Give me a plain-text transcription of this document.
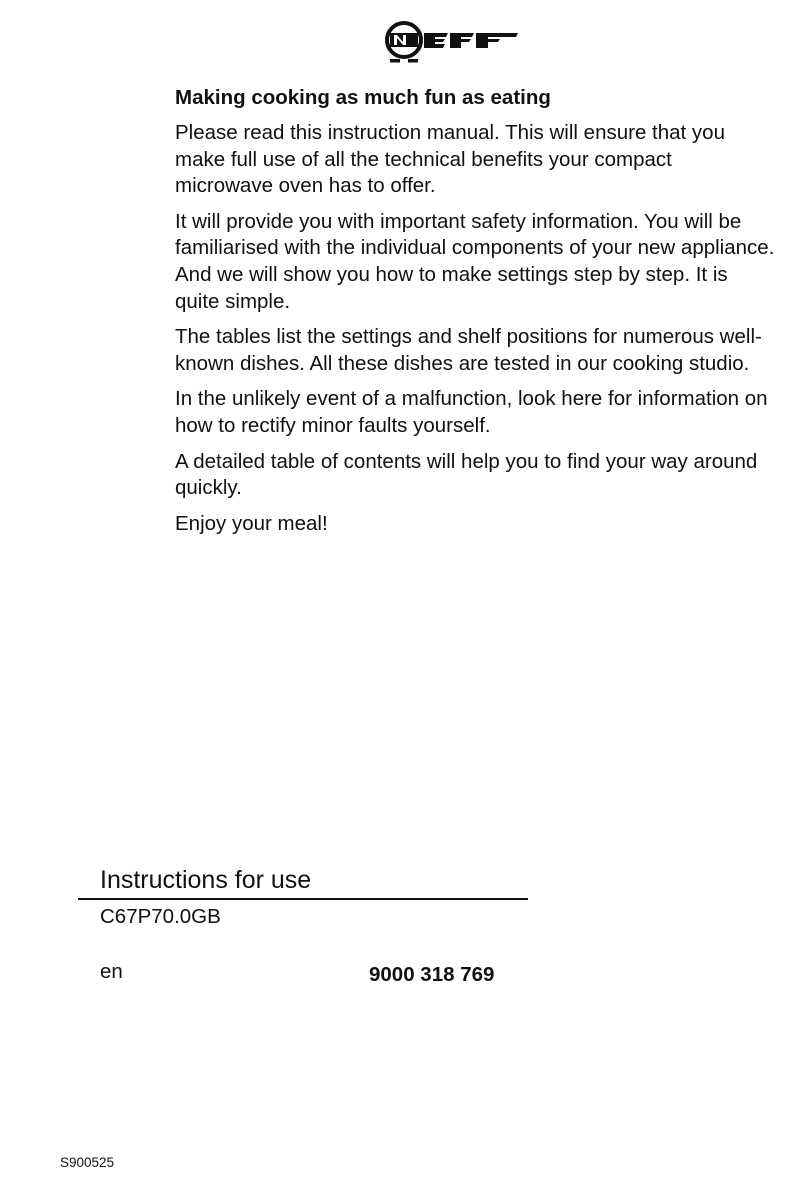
Making cooking as much fun as eating

Please read this instruction manual. This will ensure that you make full use of all the technical benefits your compact microwave oven has to offer.

It will provide you with important safety information. You will be familiarised with the individual components of your new appliance. And we will show you how to make settings step by step. It is quite simple.

The tables list the settings and shelf positions for numerous well-known dishes. All these dishes are tested in our cooking studio.

In the unlikely event of a malfunction, look here for information on how to rectify minor faults yourself.

A detailed table of contents will help you to find your way around quickly.

Enjoy your meal!

Instructions for use
C67P70.0GB
en	9000 318 769
S900525
